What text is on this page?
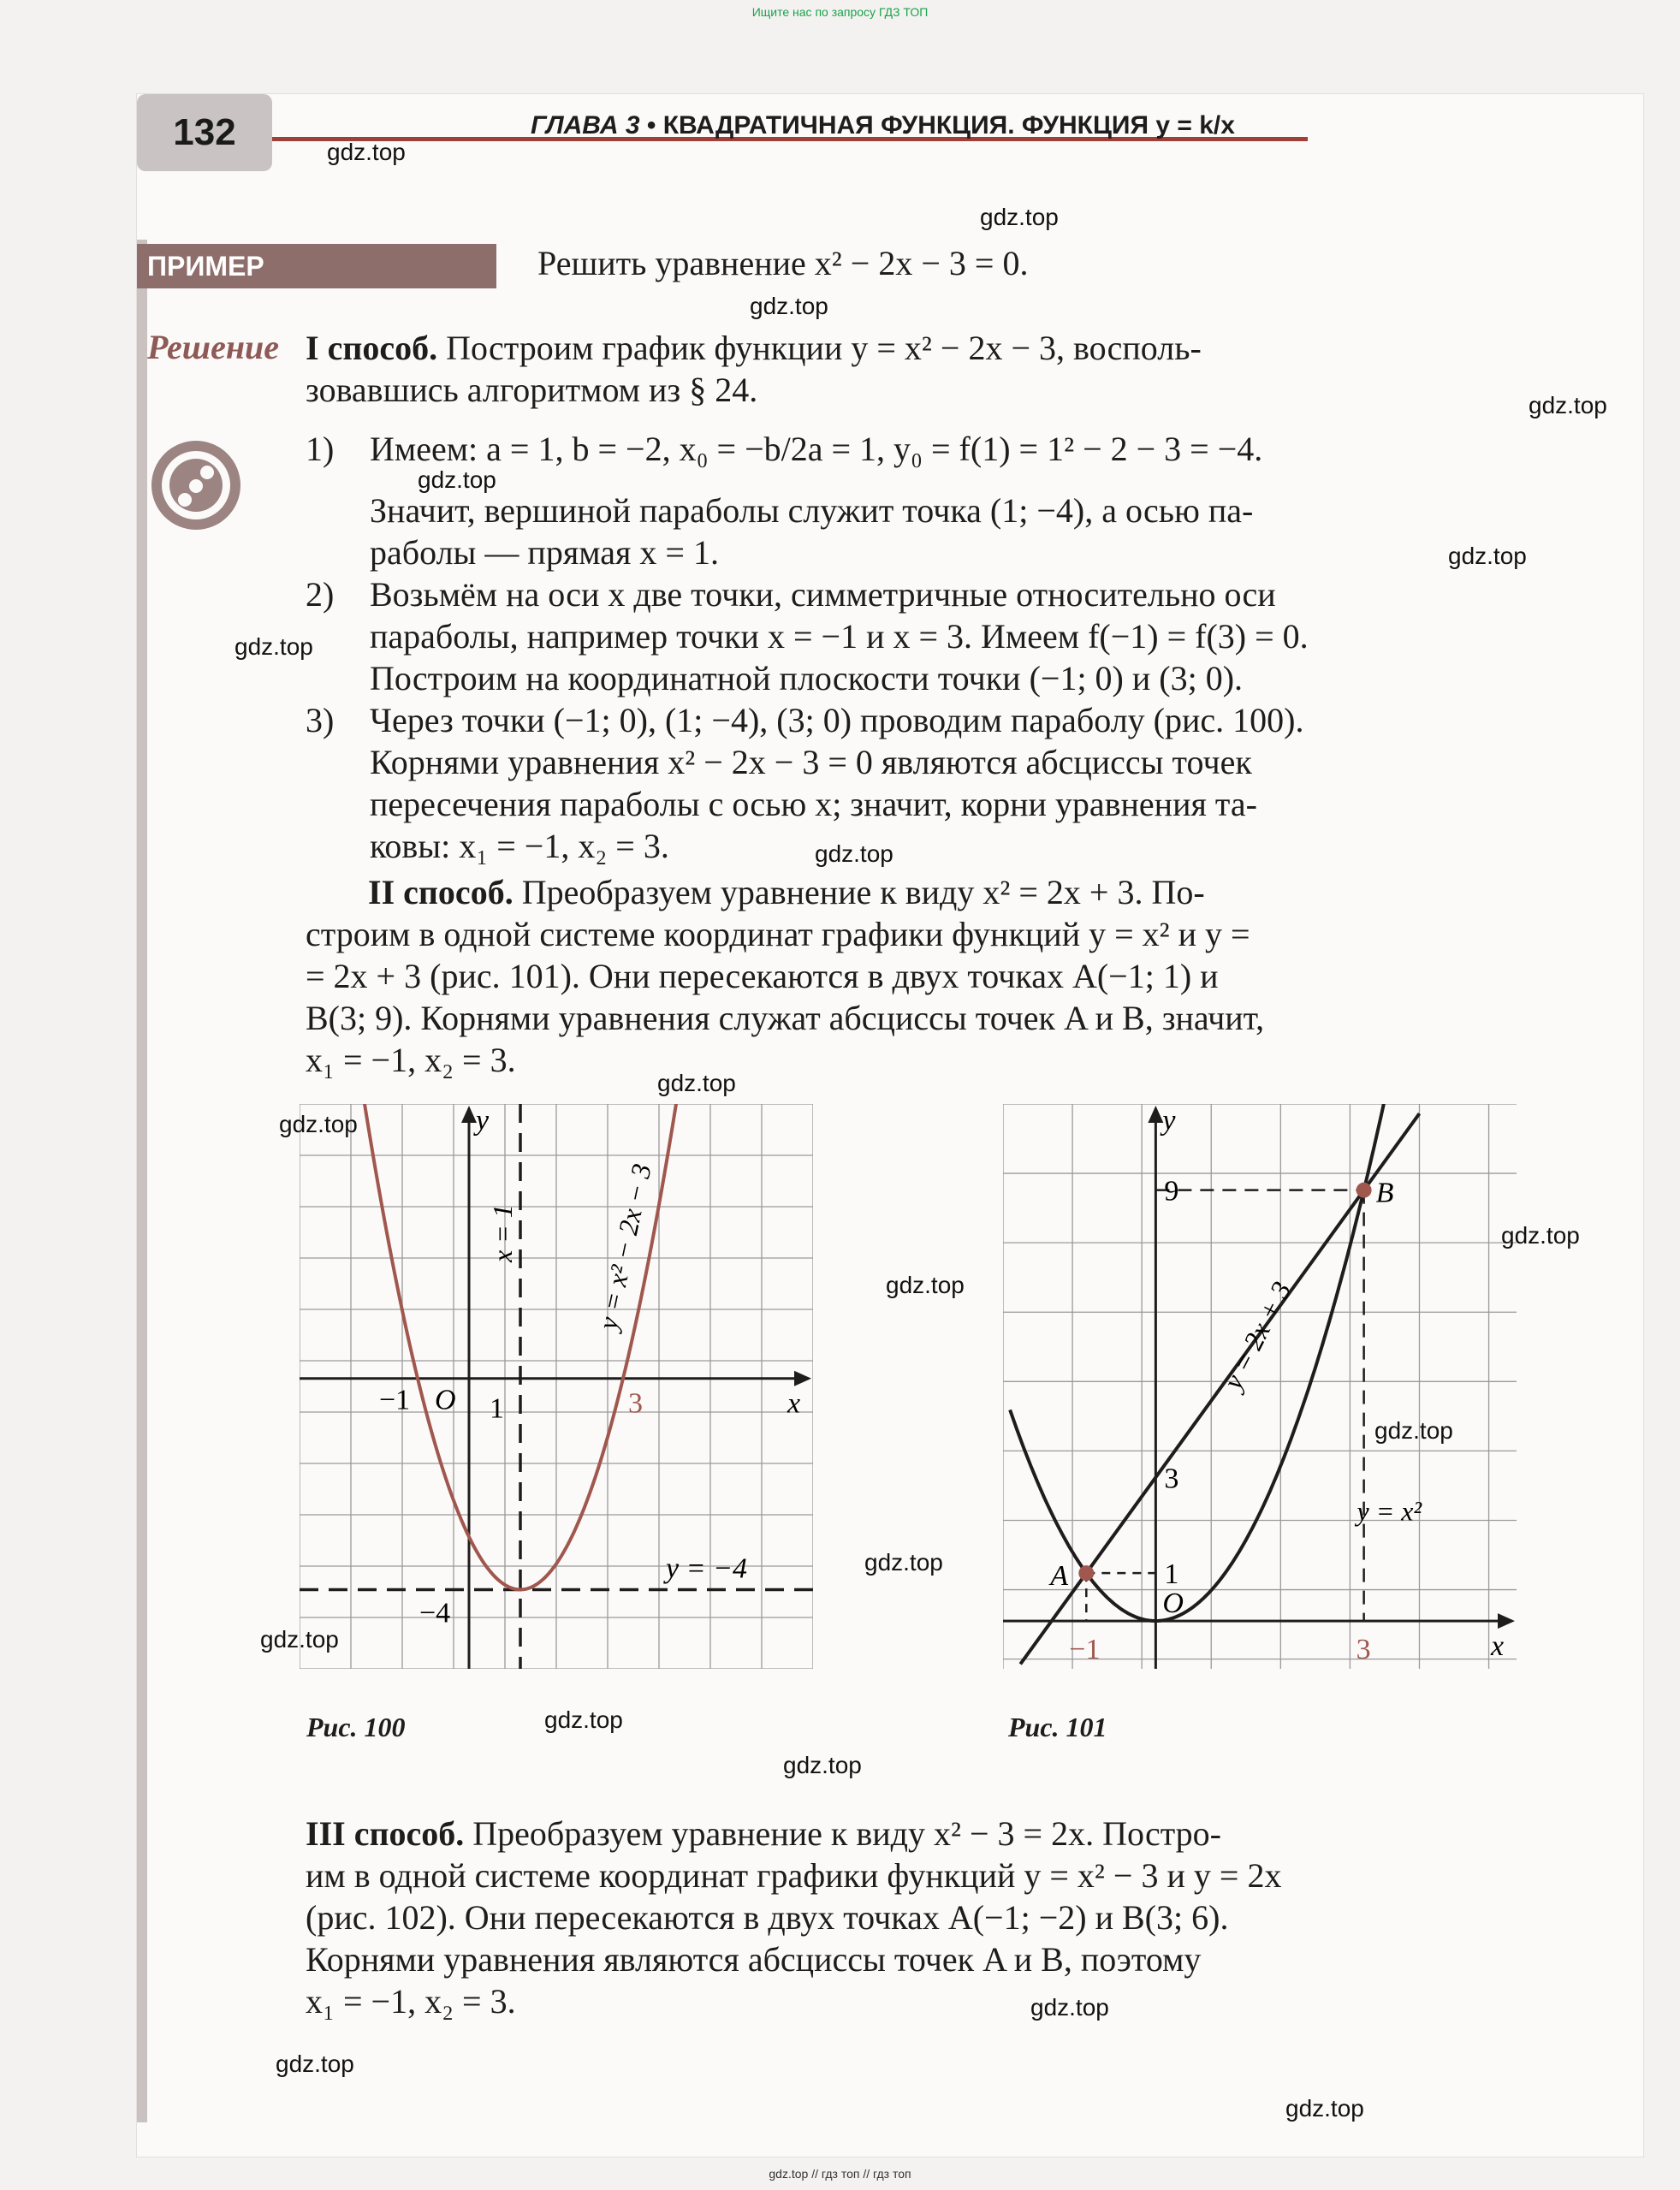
Ищите нас по запросу ГДЗ ТОП
132	ГЛАВА 3 • КВАДРАТИЧНАЯ ФУНКЦИЯ. ФУНКЦИЯ y = k/x
ПРИМЕР	Решить уравнение x² − 2x − 3 = 0.
Решение I способ. Построим график функции y = x² − 2x − 3, восполь-
зовавшись алгоритмом из § 24.
1) Имеем: a = 1, b = −2, x₀ = −b/2a = 1, y₀ = f(1) = 1² − 2 − 3 = −4.
Значит, вершиной параболы служит точка (1; −4), а осью па-
раболы — прямая x = 1.
2) Возьмём на оси x две точки, симметричные относительно оси
параболы, например точки x = −1 и x = 3. Имеем f(−1) = f(3) = 0.
Построим на координатной плоскости точки (−1; 0) и (3; 0).
3) Через точки (−1; 0), (1; −4), (3; 0) проводим параболу (рис. 100).
Корнями уравнения x² − 2x − 3 = 0 являются абсциссы точек
пересечения параболы с осью x; значит, корни уравнения та-
ковы: x₁ = −1, x₂ = 3.
II способ. Преобразуем уравнение к виду x² = 2x + 3. По-
строим в одной системе координат графики функций y = x² и y =
= 2x + 3 (рис. 101). Они пересекаются в двух точках A(−1; 1) и
B(3; 9). Корнями уравнения служат абсциссы точек A и B, значит,
x₁ = −1, x₂ = 3.
y
x
O
−1	1	3
−4
y = −4
x = 1	y = x² − 2x − 3
Рис. 100
y
x
O
−1
1
3
9
3
A
B
y = x²
y = 2x + 3
Рис. 101
III способ. Преобразуем уравнение к виду x² − 3 = 2x. Постро-
им в одной системе координат графики функций y = x² − 3 и y = 2x
(рис. 102). Они пересекаются в двух точках A(−1; −2) и B(3; 6).
Корнями уравнения являются абсциссы точек A и B, поэтому
x₁ = −1, x₂ = 3.
gdz.top
gdz.top
gdz.top
gdz.top
gdz.top
gdz.top
gdz.top
gdz.top
gdz.top
gdz.top
gdz.top
gdz.top
gdz.top
gdz.top
gdz.top
gdz.top
gdz.top
gdz.top
gdz.top
gdz.top
gdz.top // гдз топ // гдз топ
